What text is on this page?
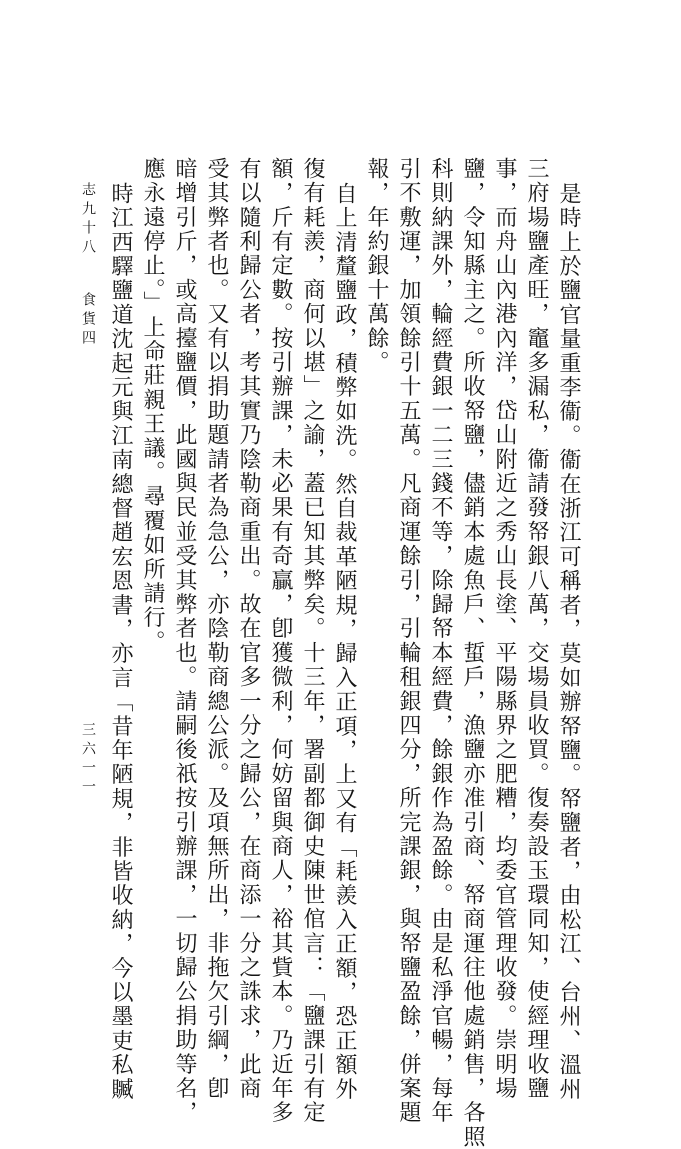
是時上於鹽官量重李衞。衞在浙江可稱者，莫如辦帑鹽。帑鹽者，由松江、台州、溫州
三府場鹽產旺，竈多漏私，衞請發帑銀八萬，交場員收買。復奏設玉環同知，使經理收鹽
事，而舟山內港內洋，岱山附近之秀山長塗、平陽縣界之肥糟，均委官管理收發。崇明場
鹽，令知縣主之。所收帑鹽，儘銷本處魚戶、蜇戶，漁鹽亦准引商、帑商運往他處銷售，各照
科則納課外，輪經費銀一二三錢不等，除歸帑本經費，餘銀作為盈餘。由是私淨官暢，每年
引不敷運，加領餘引十五萬。凡商運餘引，引輪租銀四分，所完課銀，與帑鹽盈餘，併案題
報，年約銀十萬餘。
自上清釐鹽政，積弊如洗。然自裁革陋規，歸入正項，上又有「耗羨入正額，恐正額外
復有耗羨，商何以堪」之諭，蓋已知其弊矣。十三年，署副都御史陳世倌言：「鹽課引有定
額，斤有定數。按引辦課，未必果有奇贏，卽獲微利，何妨留與商人，裕其貲本。乃近年多
有以隨利歸公者，考其實乃陰勒商重出。故在官多一分之歸公，在商添一分之誅求，此商
受其弊者也。又有以捐助題請者為急公，亦陰勒商總公派。及項無所出，非拖欠引綱，卽
暗增引斤，或高擡鹽價，此國與民並受其弊者也。請嗣後祇按引辦課，一切歸公捐助等名，
應永遠停止。」上命莊親王議。尋覆如所請行。
時江西驛鹽道沈起元與江南總督趙宏恩書，亦言「昔年陋規，非皆收納，今以墨吏私贓
志九十八
食貨四
三六一一
